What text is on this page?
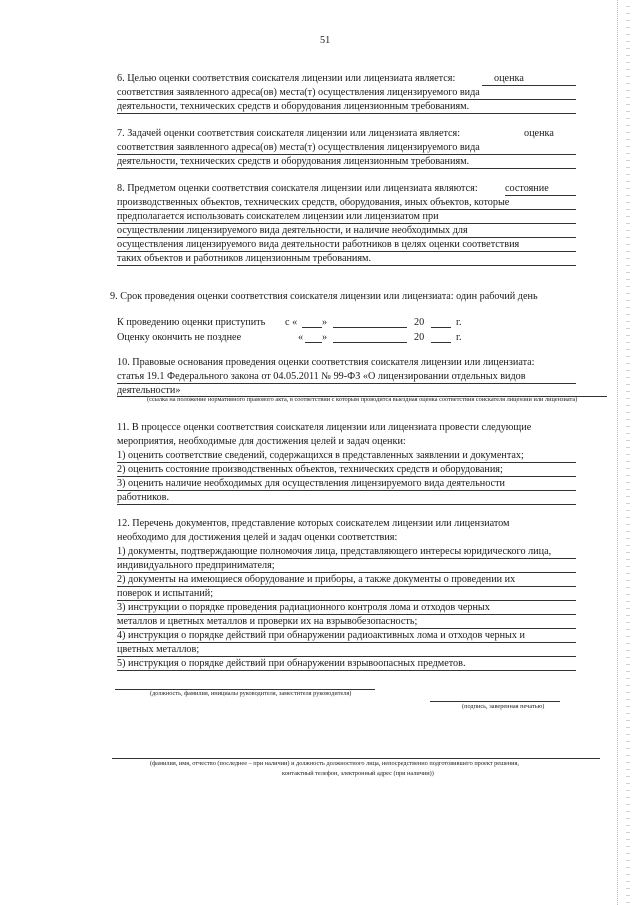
51
6. Целью оценки соответствия соискателя лицензии или лицензиата является:	оценка
соответствия заявленного адреса(ов) места(т) осуществления лицензируемого вида
деятельности, технических средств и оборудования лицензионным требованиям.
7. Задачей оценки соответствия соискателя лицензии или лицензиата является:	оценка
соответствия заявленного адреса(ов) места(т) осуществления лицензируемого вида
деятельности, технических средств и оборудования лицензионным требованиям.
8. Предметом оценки соответствия соискателя лицензии или лицензиата являются:	состояние
производственных объектов, технических средств, оборудования, иных объектов, которые
предполагается использовать соискателем лицензии или лицензиатом при
осуществлении лицензируемого вида деятельности, и наличие необходимых для
осуществления лицензируемого вида деятельности работников в целях оценки соответствия
таких объектов и работников лицензионным требованиям.
9. Срок проведения оценки соответствия соискателя лицензии или лицензиата: один рабочий день
К проведению оценки приступить с « »	20	г.
Оценку окончить не позднее	« »	20	г.
10. Правовые основания проведения оценки соответствия соискателя лицензии или лицензиата:
статья 19.1 Федерального закона от 04.05.2011 № 99-ФЗ «О лицензировании отдельных видов
деятельности»
(ссылка на положение нормативного правового акта, в соответствии с которым проводится выездная оценка соответствия соискателя лицензии или лицензиата)
11. В процессе оценки соответствия соискателя лицензии или лицензиата провести следующие
мероприятия, необходимые для достижения целей и задач оценки:
1) оценить соответствие сведений, содержащихся в представленных заявлении и документах;
2) оценить состояние производственных объектов, технических средств и оборудования;
3) оценить наличие необходимых для осуществления лицензируемого вида деятельности
работников.
12. Перечень документов, представление которых соискателем лицензии или лицензиатом
необходимо для достижения целей и задач оценки соответствия:
1) документы, подтверждающие полномочия лица, представляющего интересы юридического лица,
индивидуального предпринимателя;
2) документы на имеющиеся оборудование и приборы, а также документы о проведении их
поверок и испытаний;
3) инструкции о порядке проведения радиационного контроля лома и отходов черных
металлов и цветных металлов и проверки их на взрывобезопасность;
4) инструкция о порядке действий при обнаружении радиоактивных лома и отходов черных и
цветных металлов;
5) инструкция о порядке действий при обнаружении взрывоопасных предметов.
(должность, фамилия, инициалы руководителя, заместителя руководителя)
(подпись, заверенная печатью)
(фамилия, имя, отчество (последнее – при наличии) и должность должностного лица, непосредственно подготовившего проект решения,
контактный телефон, электронный адрес (при наличии))
